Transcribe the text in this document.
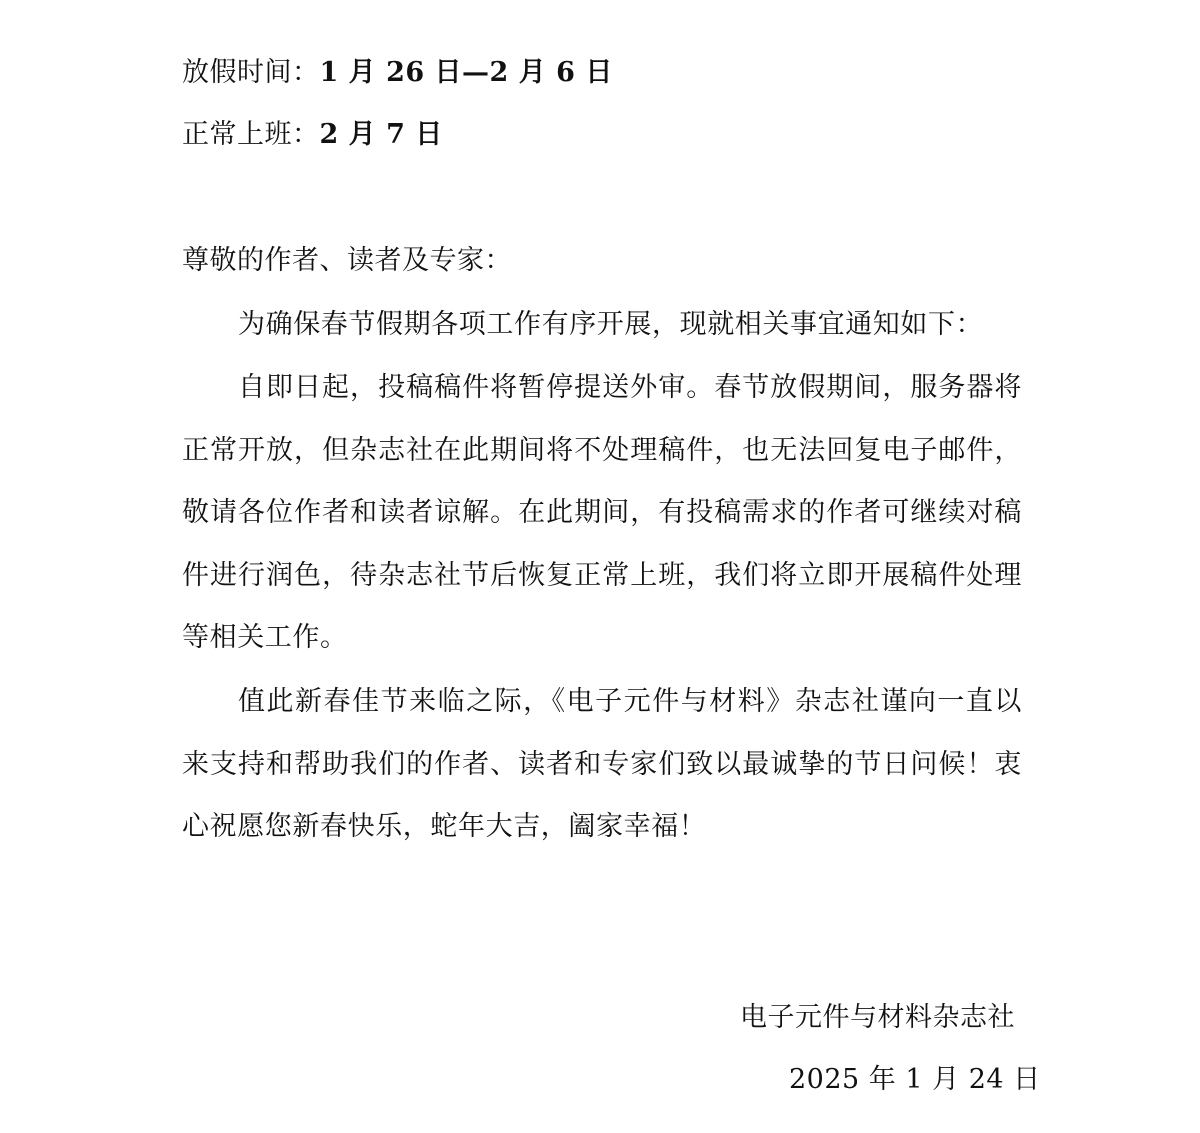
放假时间：1 月 26 日—2 月 6 日
正常上班：2 月 7 日
尊敬的作者、读者及专家：
为确保春节假期各项工作有序开展，现就相关事宜通知如下：
自即日起，投稿稿件将暂停提送外审。春节放假期间，服务器将正常开放，但杂志社在此期间将不处理稿件，也无法回复电子邮件，敬请各位作者和读者谅解。在此期间，有投稿需求的作者可继续对稿件进行润色，待杂志社节后恢复正常上班，我们将立即开展稿件处理等相关工作。
值此新春佳节来临之际，《电子元件与材料》杂志社谨向一直以来支持和帮助我们的作者、读者和专家们致以最诚挚的节日问候！衷心祝愿您新春快乐，蛇年大吉，阖家幸福！
电子元件与材料杂志社
2025 年 1 月 24 日
